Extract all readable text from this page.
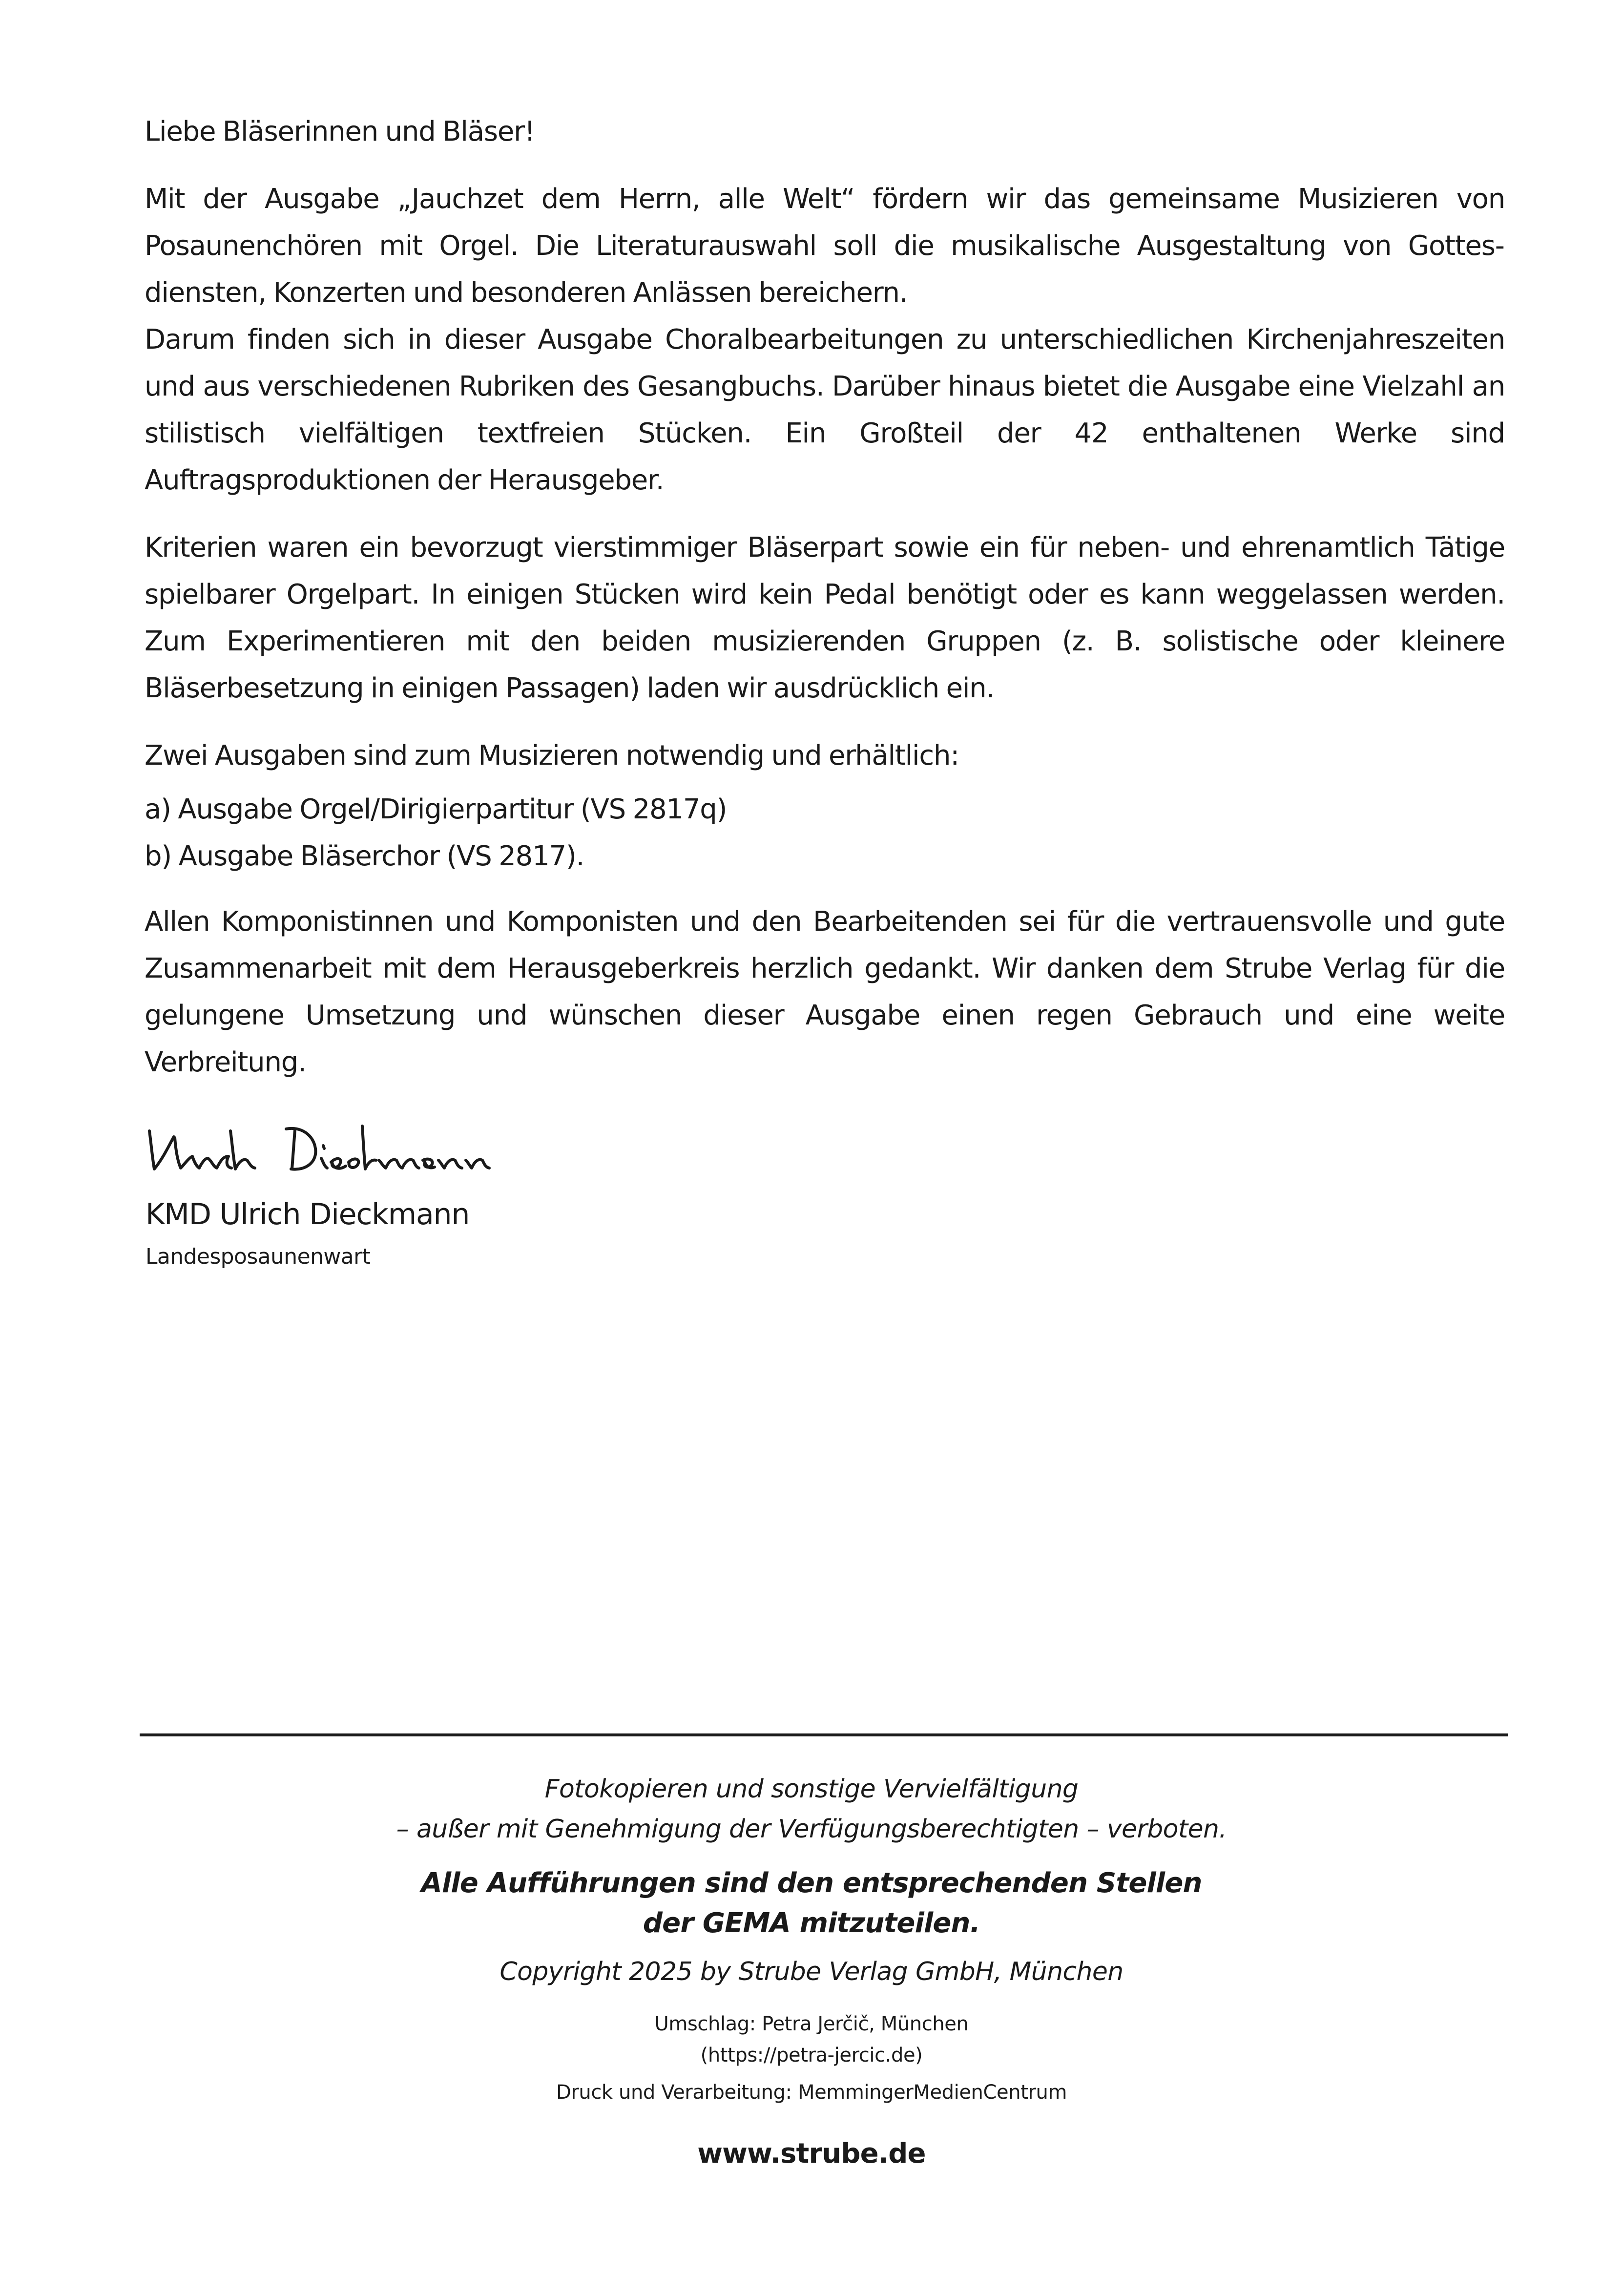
Liebe Bläserinnen und Bläser!

Mit der Ausgabe „Jauchzet dem Herrn, alle Welt“ fördern wir das gemeinsame Musizieren von Posaunenchören mit Orgel. Die Literaturauswahl soll die musikalische Ausgestaltung von Gottesdiensten, Konzerten und besonderen Anlässen bereichern.

Darum finden sich in dieser Ausgabe Choralbearbeitungen zu unterschiedlichen Kirchenjahreszeiten und aus verschiedenen Rubriken des Gesangbuchs. Darüber hinaus bietet die Ausgabe eine Vielzahl an stilistisch vielfältigen textfreien Stücken. Ein Großteil der 42 enthaltenen Werke sind Auftragsproduktionen der Herausgeber.

Kriterien waren ein bevorzugt vierstimmiger Bläserpart sowie ein für neben- und ehrenamtlich Tätige spielbarer Orgelpart. In einigen Stücken wird kein Pedal benötigt oder es kann weggelassen werden. Zum Experimentieren mit den beiden musizierenden Gruppen (z. B. solistische oder kleinere Bläserbesetzung in einigen Passagen) laden wir ausdrücklich ein.

Zwei Ausgaben sind zum Musizieren notwendig und erhältlich:

a) Ausgabe Orgel/Dirigierpartitur (VS 2817q)

b) Ausgabe Bläserchor (VS 2817).

Allen Komponistinnen und Komponisten und den Bearbeitenden sei für die vertrauensvolle und gute Zusammenarbeit mit dem Herausgeberkreis herzlich gedankt. Wir danken dem Strube Verlag für die gelungene Umsetzung und wünschen dieser Ausgabe einen regen Gebrauch und eine weite Verbreitung.

KMD Ulrich Dieckmann
Landesposaunenwart
Fotokopieren und sonstige Vervielfältigung
– außer mit Genehmigung der Verfügungsberechtigten – verboten.
Alle Aufführungen sind den entsprechenden Stellen
der GEMA mitzuteilen.
Copyright 2025 by Strube Verlag GmbH, München
Umschlag: Petra Jerčič, München
(https://petra-jercic.de)
Druck und Verarbeitung: MemmingerMedienCentrum
www.strube.de
